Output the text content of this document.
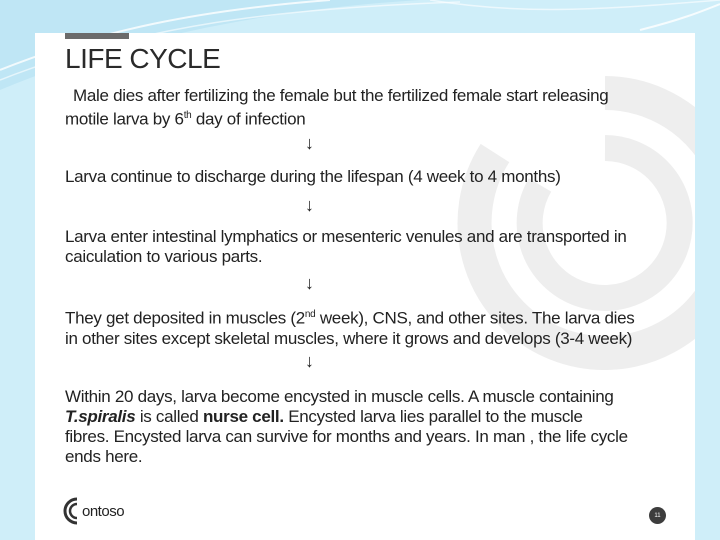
LIFE CYCLE
Male dies after fertilizing the female but the fertilized female start releasing
motile larva by 6th day of infection
↓
Larva continue to discharge during the lifespan (4 week to 4 months)
↓
Larva enter intestinal lymphatics or mesenteric venules and are transported in
caiculation to various parts.
↓
They get deposited in muscles (2nd week), CNS, and other sites. The larva dies
in other sites except skeletal muscles, where it grows and develops (3-4 week)
↓
Within 20 days, larva become encysted in muscle cells. A muscle containing
T.spiralis is called nurse cell. Encysted larva lies parallel to the muscle
fibres. Encysted larva can survive for months and years. In man , the life cycle
ends here.
ontoso	11
